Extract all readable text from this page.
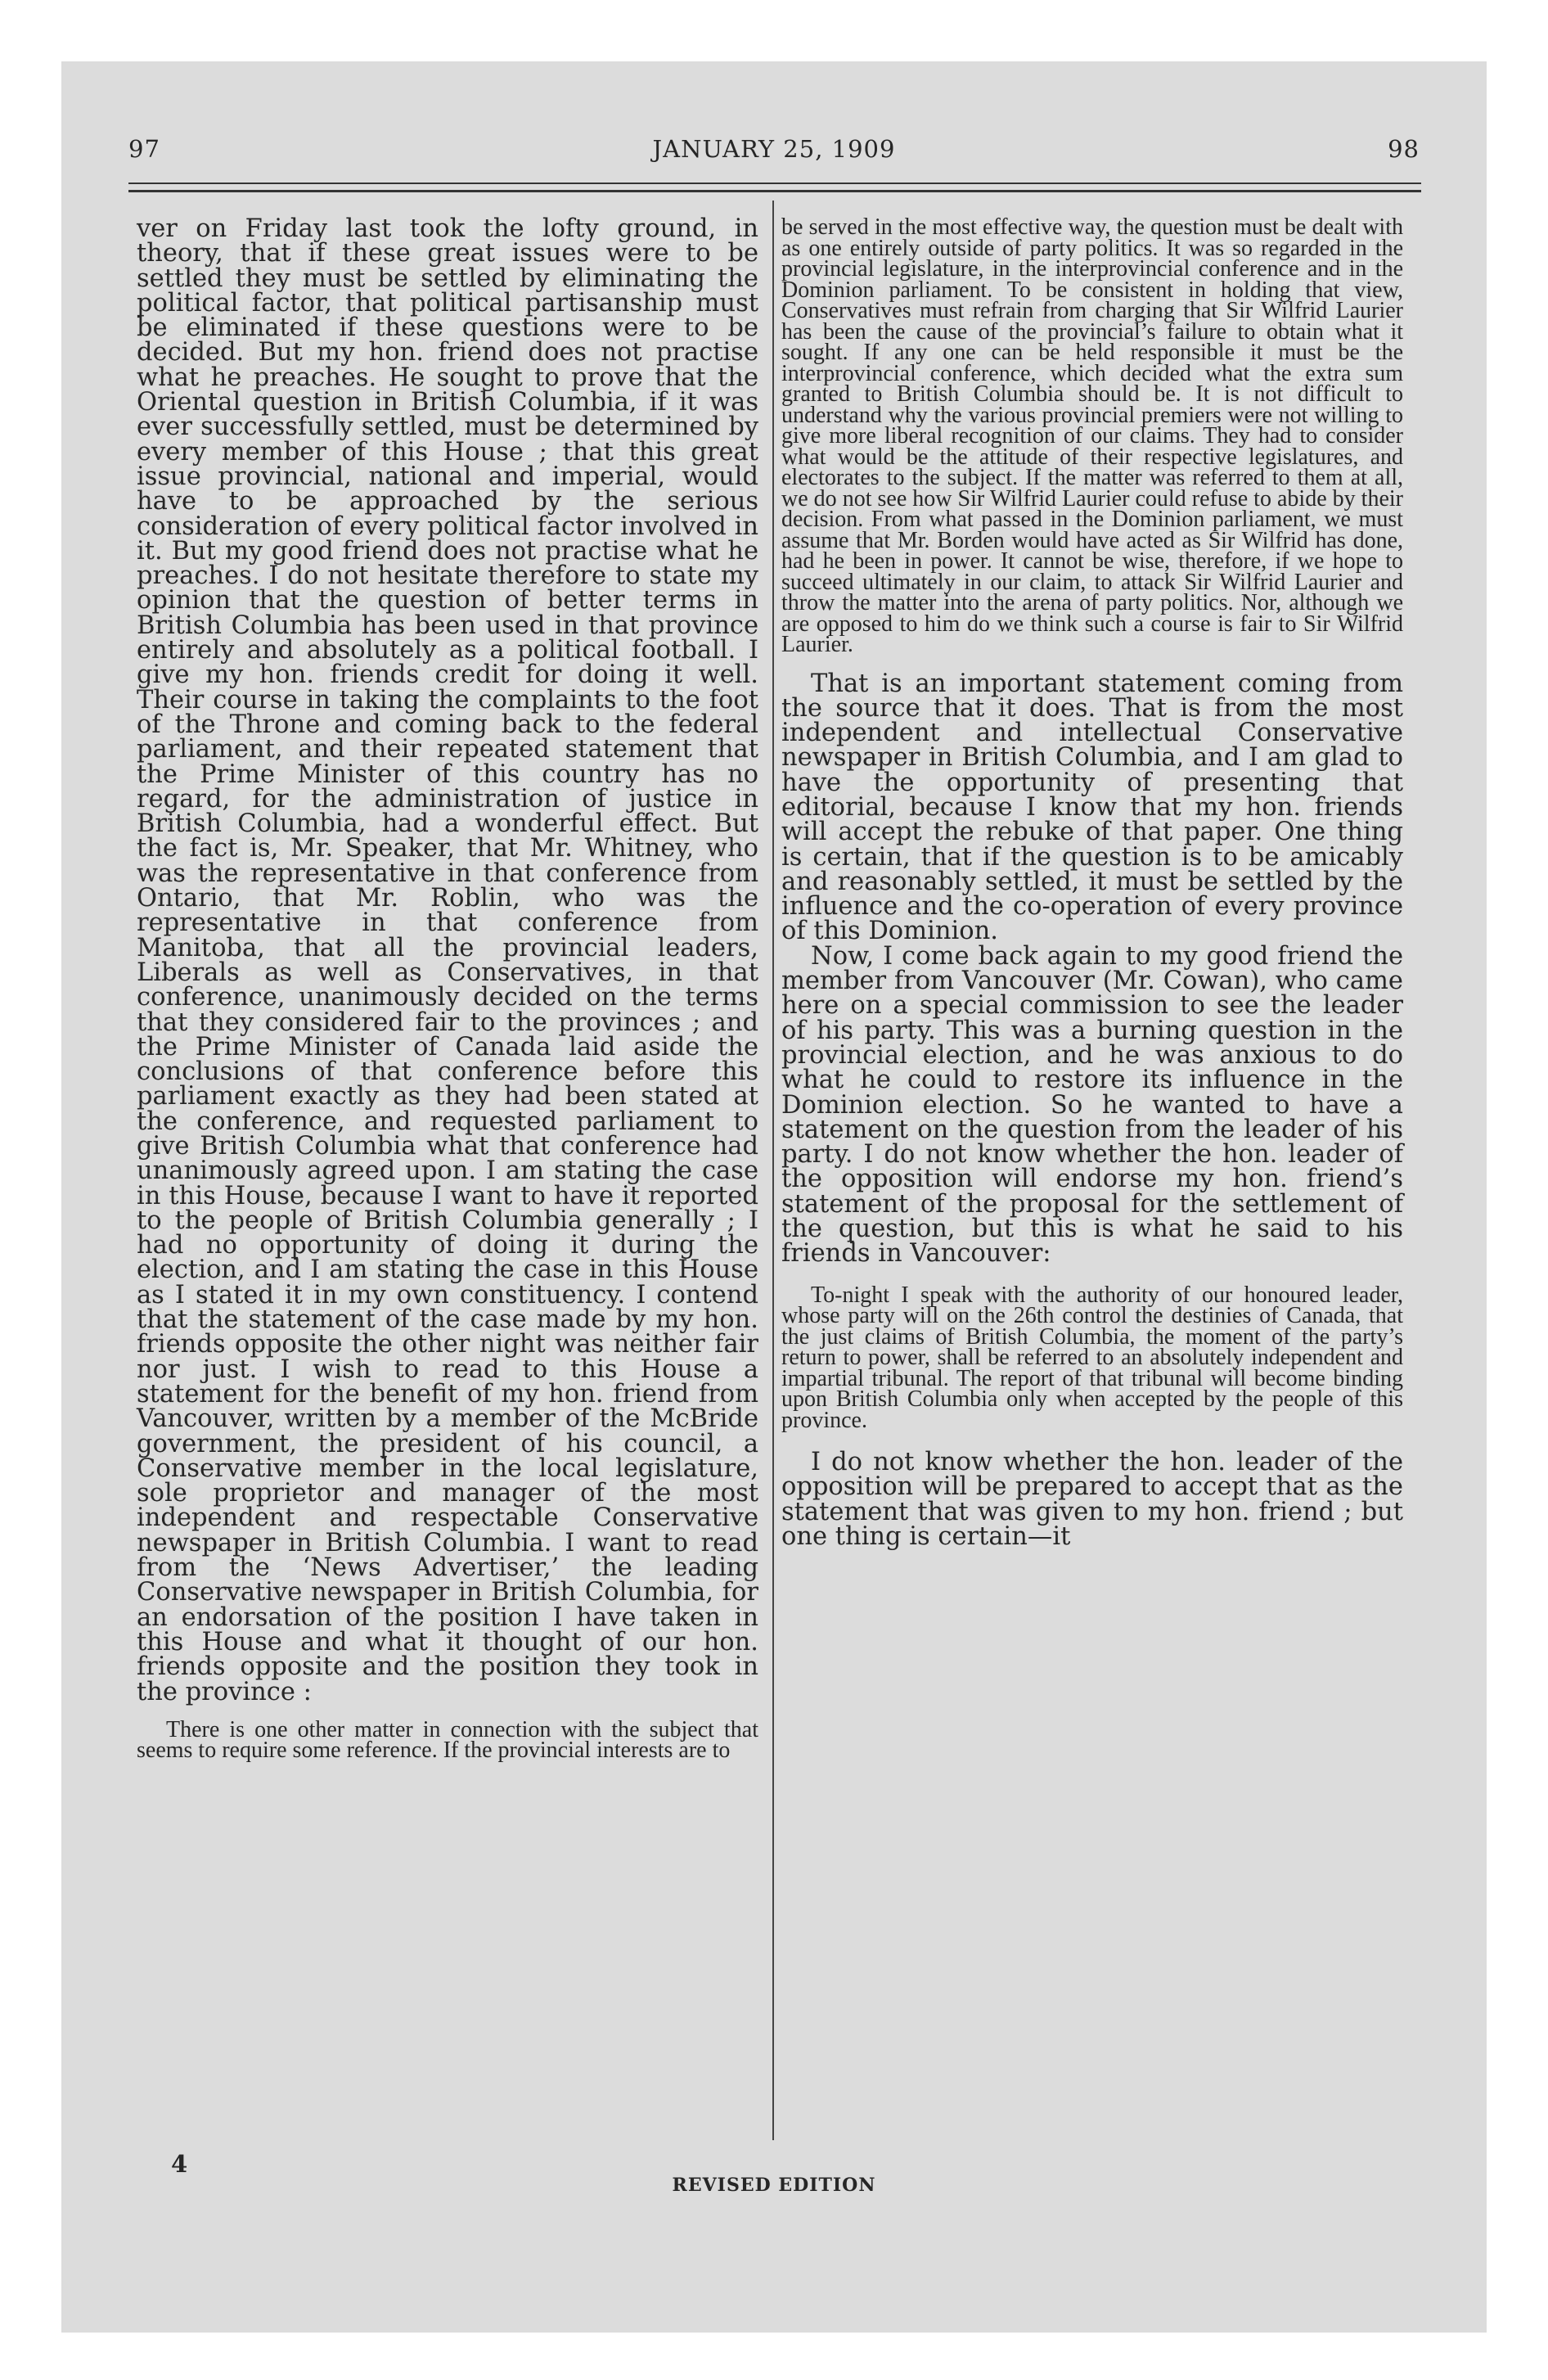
97	JANUARY 25, 1909	98

ver on Friday last took the lofty ground, in theory, that if these great issues were to be settled they must be settled by eliminating the political factor, that political partisanship must be eliminated if these questions were to be decided. But my hon. friend does not practise what he preaches. He sought to prove that the Oriental question in British Columbia, if it was ever successfully settled, must be determined by every member of this House ; that this great issue provincial, national and imperial, would have to be approached by the serious consideration of every political factor involved in it. But my good friend does not practise what he preaches. I do not hesitate therefore to state my opinion that the question of better terms in British Columbia has been used in that province entirely and absolutely as a political football. I give my hon. friends credit for doing it well. Their course in taking the complaints to the foot of the Throne and coming back to the federal parliament, and their repeated statement that the Prime Minister of this country has no regard, for the administration of justice in British Columbia, had a wonderful effect. But the fact is, Mr. Speaker, that Mr. Whitney, who was the representative in that conference from Ontario, that Mr. Roblin, who was the representative in that conference from Manitoba, that all the provincial leaders, Liberals as well as Conservatives, in that conference, unanimously decided on the terms that they considered fair to the provinces ; and the Prime Minister of Canada laid aside the conclusions of that conference before this parliament exactly as they had been stated at the conference, and requested parliament to give British Columbia what that conference had unanimously agreed upon. I am stating the case in this House, because I want to have it reported to the people of British Columbia generally ; I had no opportunity of doing it during the election, and I am stating the case in this House as I stated it in my own constituency. I contend that the statement of the case made by my hon. friends opposite the other night was neither fair nor just. I wish to read to this House a statement for the benefit of my hon. friend from Vancouver, written by a member of the McBride government, the president of his council, a Conservative member in the local legislature, sole proprietor and manager of the most independent and respectable Conservative newspaper in British Columbia. I want to read from the ‘News Advertiser,’ the leading Conservative newspaper in British Columbia, for an endorsation of the position I have taken in this House and what it thought of our hon. friends opposite and the position they took in the province :

There is one other matter in connection with the subject that seems to require some reference. If the provincial interests are to

be served in the most effective way, the question must be dealt with as one entirely outside of party politics. It was so regarded in the provincial legislature, in the interprovincial conference and in the Dominion parliament. To be consistent in holding that view, Conservatives must refrain from charging that Sir Wilfrid Laurier has been the cause of the provincial’s failure to obtain what it sought. If any one can be held responsible it must be the interprovincial conference, which decided what the extra sum granted to British Columbia should be. It is not difficult to understand why the various provincial premiers were not willing to give more liberal recognition of our claims. They had to consider what would be the attitude of their respective legislatures, and electorates to the subject. If the matter was referred to them at all, we do not see how Sir Wilfrid Laurier could refuse to abide by their decision. From what passed in the Dominion parliament, we must assume that Mr. Borden would have acted as Sir Wilfrid has done, had he been in power. It cannot be wise, therefore, if we hope to succeed ultimately in our claim, to attack Sir Wilfrid Laurier and throw the matter into the arena of party politics. Nor, although we are opposed to him do we think such a course is fair to Sir Wilfrid Laurier.

That is an important statement coming from the source that it does. That is from the most independent and intellectual Conservative newspaper in British Columbia, and I am glad to have the opportunity of presenting that editorial, because I know that my hon. friends will accept the rebuke of that paper. One thing is certain, that if the question is to be amicably and reasonably settled, it must be settled by the influence and the co-operation of every province of this Dominion.

Now, I come back again to my good friend the member from Vancouver (Mr. Cowan), who came here on a special commission to see the leader of his party. This was a burning question in the provincial election, and he was anxious to do what he could to restore its influence in the Dominion election. So he wanted to have a statement on the question from the leader of his party. I do not know whether the hon. leader of the opposition will endorse my hon. friend’s statement of the proposal for the settlement of the question, but this is what he said to his friends in Vancouver:

To-night I speak with the authority of our honoured leader, whose party will on the 26th control the destinies of Canada, that the just claims of British Columbia, the moment of the party’s return to power, shall be referred to an absolutely independent and impartial tribunal. The report of that tribunal will become binding upon British Columbia only when accepted by the people of this province.

I do not know whether the hon. leader of the opposition will be prepared to accept that as the statement that was given to my hon. friend ; but one thing is certain—it

4
REVISED EDITION
